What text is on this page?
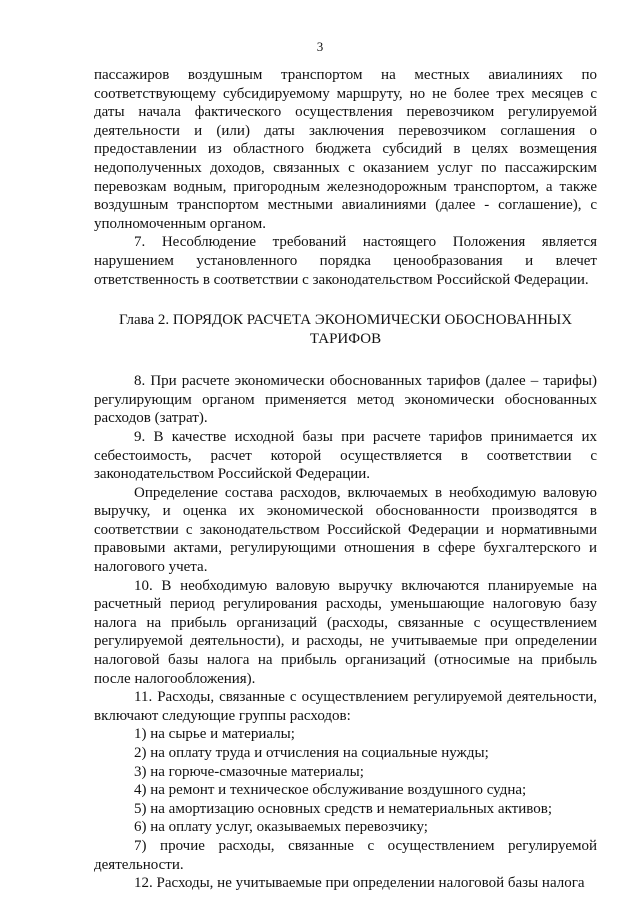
3

пассажиров воздушным транспортом на местных авиалиниях по соответствующему субсидируемому маршруту, но не более трех месяцев с даты начала фактического осуществления перевозчиком регулируемой деятельности и (или) даты заключения перевозчиком соглашения о предоставлении из областного бюджета субсидий в целях возмещения недополученных доходов, связанных с оказанием услуг по пассажирским перевозкам водным, пригородным железнодорожным транспортом, а также воздушным транспортом местными авиалиниями (далее - соглашение), с уполномоченным органом.

7. Несоблюдение требований настоящего Положения является нарушением установленного порядка ценообразования и влечет ответственность в соответствии с законодательством Российской Федерации.

Глава 2. ПОРЯДОК РАСЧЕТА ЭКОНОМИЧЕСКИ ОБОСНОВАННЫХ
ТАРИФОВ

8. При расчете экономически обоснованных тарифов (далее – тарифы) регулирующим органом применяется метод экономически обоснованных расходов (затрат).

9. В качестве исходной базы при расчете тарифов принимается их себестоимость, расчет которой осуществляется в соответствии с законодательством Российской Федерации.

Определение состава расходов, включаемых в необходимую валовую выручку, и оценка их экономической обоснованности производятся в соответствии с законодательством Российской Федерации и нормативными правовыми актами, регулирующими отношения в сфере бухгалтерского и налогового учета.

10. В необходимую валовую выручку включаются планируемые на расчетный период регулирования расходы, уменьшающие налоговую базу налога на прибыль организаций (расходы, связанные с осуществлением регулируемой деятельности), и расходы, не учитываемые при определении налоговой базы налога на прибыль организаций (относимые на прибыль после налогообложения).

11. Расходы, связанные с осуществлением регулируемой деятельности, включают следующие группы расходов:

1) на сырье и материалы;

2) на оплату труда и отчисления на социальные нужды;

3) на горюче-смазочные материалы;

4) на ремонт и техническое обслуживание воздушного судна;

5) на амортизацию основных средств и нематериальных активов;

6) на оплату услуг, оказываемых перевозчику;

7) прочие расходы, связанные с осуществлением регулируемой деятельности.

12. Расходы, не учитываемые при определении налоговой базы налога
